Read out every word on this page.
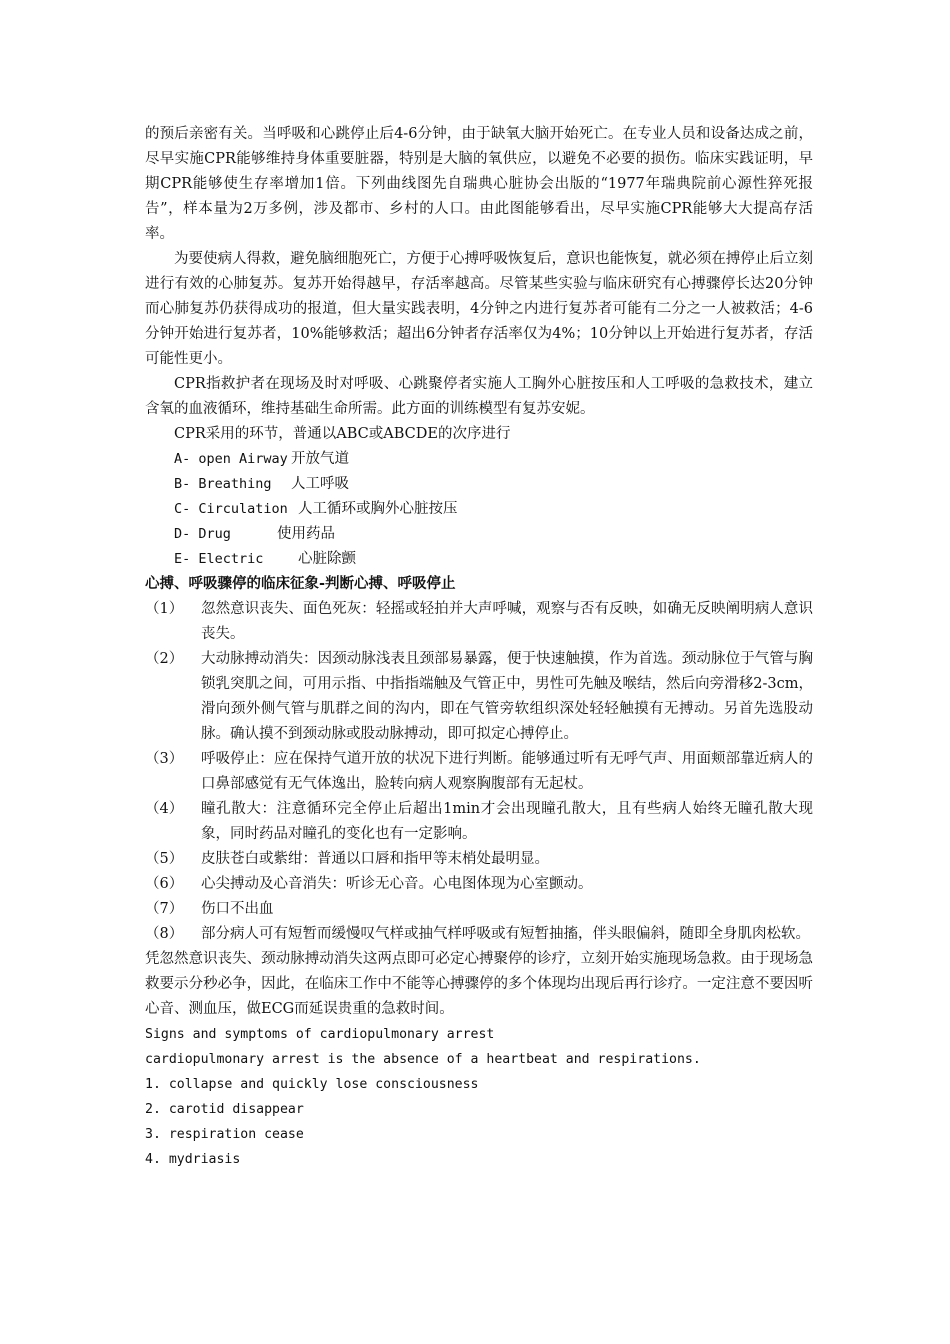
的预后亲密有关。当呼吸和心跳停止后4-6分钟，由于缺氧大脑开始死亡。在专业人员和设备达成之前，尽早实施CPR能够维持身体重要脏器，特别是大脑的氧供应，以避免不必要的损伤。临床实践证明，早期CPR能够使生存率增加1倍。下列曲线图先自瑞典心脏协会出版的“1977年瑞典院前心源性猝死报告”，样本量为2万多例，涉及都市、乡村的人口。由此图能够看出，尽早实施CPR能够大大提高存活率。

为要使病人得救，避免脑细胞死亡，方便于心搏呼吸恢复后，意识也能恢复，就必须在搏停止后立刻进行有效的心肺复苏。复苏开始得越早，存活率越高。尽管某些实验与临床研究有心搏骤停长达20分钟而心肺复苏仍获得成功的报道，但大量实践表明，4分钟之内进行复苏者可能有二分之一人被救活；4-6分钟开始进行复苏者，10%能够救活；超出6分钟者存活率仅为4%；10分钟以上开始进行复苏者，存活可能性更小。

CPR指救护者在现场及时对呼吸、心跳聚停者实施人工胸外心脏按压和人工呼吸的急救技术，建立含氧的血液循环，维持基础生命所需。此方面的训练模型有复苏安妮。

CPR采用的环节，普通以ABC或ABCDE的次序进行

A- open Airway 开放气道

B- Breathing 人工呼吸

C- Circulation 人工循环或胸外心脏按压

D- Drug	使用药品

E- Electric 心脏除颤

心搏、呼吸骤停的临床征象-判断心搏、呼吸停止

（1）	忽然意识丧失、面色死灰：轻摇或轻拍并大声呼喊，观察与否有反映，如确无反映阐明病人意识丧失。
（2）	大动脉搏动消失：因颈动脉浅表且颈部易暴露，便于快速触摸，作为首选。颈动脉位于气管与胸锁乳突肌之间，可用示指、中指指端触及气管正中，男性可先触及喉结，然后向旁滑移2-3cm，滑向颈外侧气管与肌群之间的沟内，即在气管旁软组织深处轻轻触摸有无搏动。另首先选股动脉。确认摸不到颈动脉或股动脉搏动，即可拟定心搏停止。
（3）	呼吸停止：应在保持气道开放的状况下进行判断。能够通过听有无呼气声、用面颊部靠近病人的口鼻部感觉有无气体逸出，脸转向病人观察胸腹部有无起杖。
（4）	瞳孔散大：注意循环完全停止后超出1min才会出现瞳孔散大，且有些病人始终无瞳孔散大现象，同时药品对瞳孔的变化也有一定影响。
（5）	皮肤苍白或紫绀：普通以口唇和指甲等末梢处最明显。
（6）	心尖搏动及心音消失：听诊无心音。心电图体现为心室颤动。
（7）	伤口不出血
（8）	部分病人可有短暂而缓慢叹气样或抽气样呼吸或有短暂抽搐，伴头眼偏斜，随即全身肌肉松软。

凭忽然意识丧失、颈动脉搏动消失这两点即可必定心搏聚停的诊疗，立刻开始实施现场急救。由于现场急救要示分秒必争，因此，在临床工作中不能等心搏骤停的多个体现均出现后再行诊疗。一定注意不要因听心音、测血压，做ECG而延误贵重的急救时间。

Signs and symptoms of cardiopulmonary arrest

cardiopulmonary arrest is the absence of a heartbeat and respirations.

1. collapse and quickly lose consciousness

2. carotid disappear

3. respiration cease

4. mydriasis
